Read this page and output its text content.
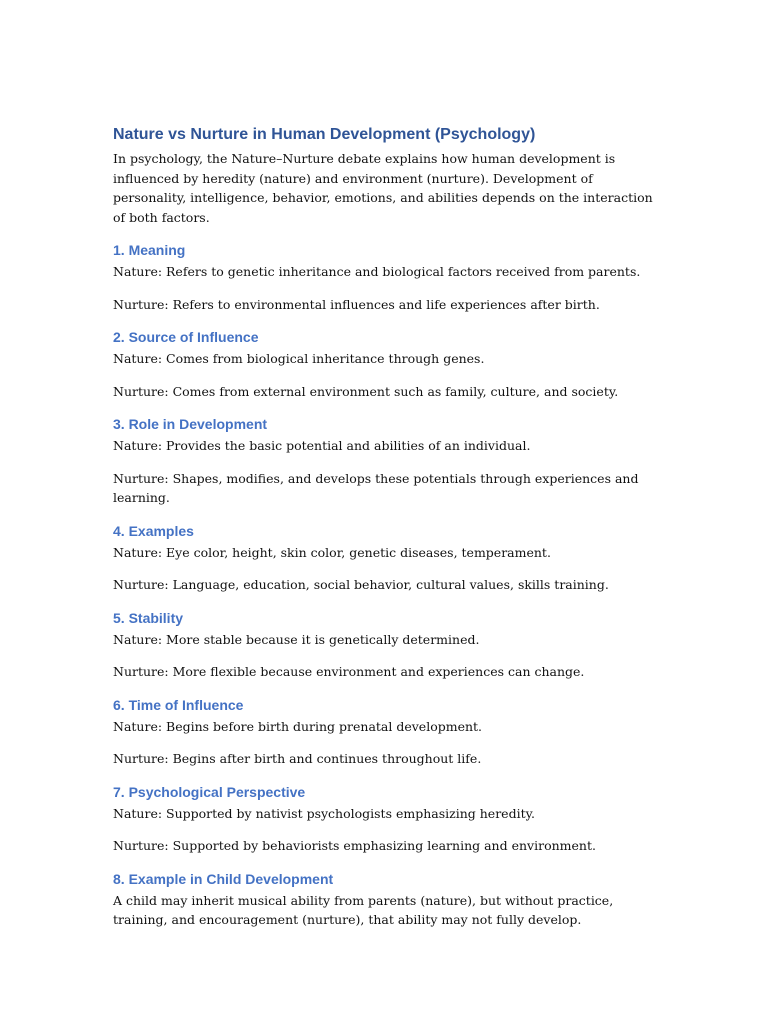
Nature vs Nurture in Human Development (Psychology)

In psychology, the Nature–Nurture debate explains how human development is influenced by heredity (nature) and environment (nurture). Development of personality, intelligence, behavior, emotions, and abilities depends on the interaction of both factors.

1. Meaning

Nature: Refers to genetic inheritance and biological factors received from parents.

Nurture: Refers to environmental influences and life experiences after birth.

2. Source of Influence

Nature: Comes from biological inheritance through genes.

Nurture: Comes from external environment such as family, culture, and society.

3. Role in Development

Nature: Provides the basic potential and abilities of an individual.

Nurture: Shapes, modifies, and develops these potentials through experiences and learning.

4. Examples

Nature: Eye color, height, skin color, genetic diseases, temperament.

Nurture: Language, education, social behavior, cultural values, skills training.

5. Stability

Nature: More stable because it is genetically determined.

Nurture: More flexible because environment and experiences can change.

6. Time of Influence

Nature: Begins before birth during prenatal development.

Nurture: Begins after birth and continues throughout life.

7. Psychological Perspective

Nature: Supported by nativist psychologists emphasizing heredity.

Nurture: Supported by behaviorists emphasizing learning and environment.

8. Example in Child Development

A child may inherit musical ability from parents (nature), but without practice, training, and encouragement (nurture), that ability may not fully develop.
